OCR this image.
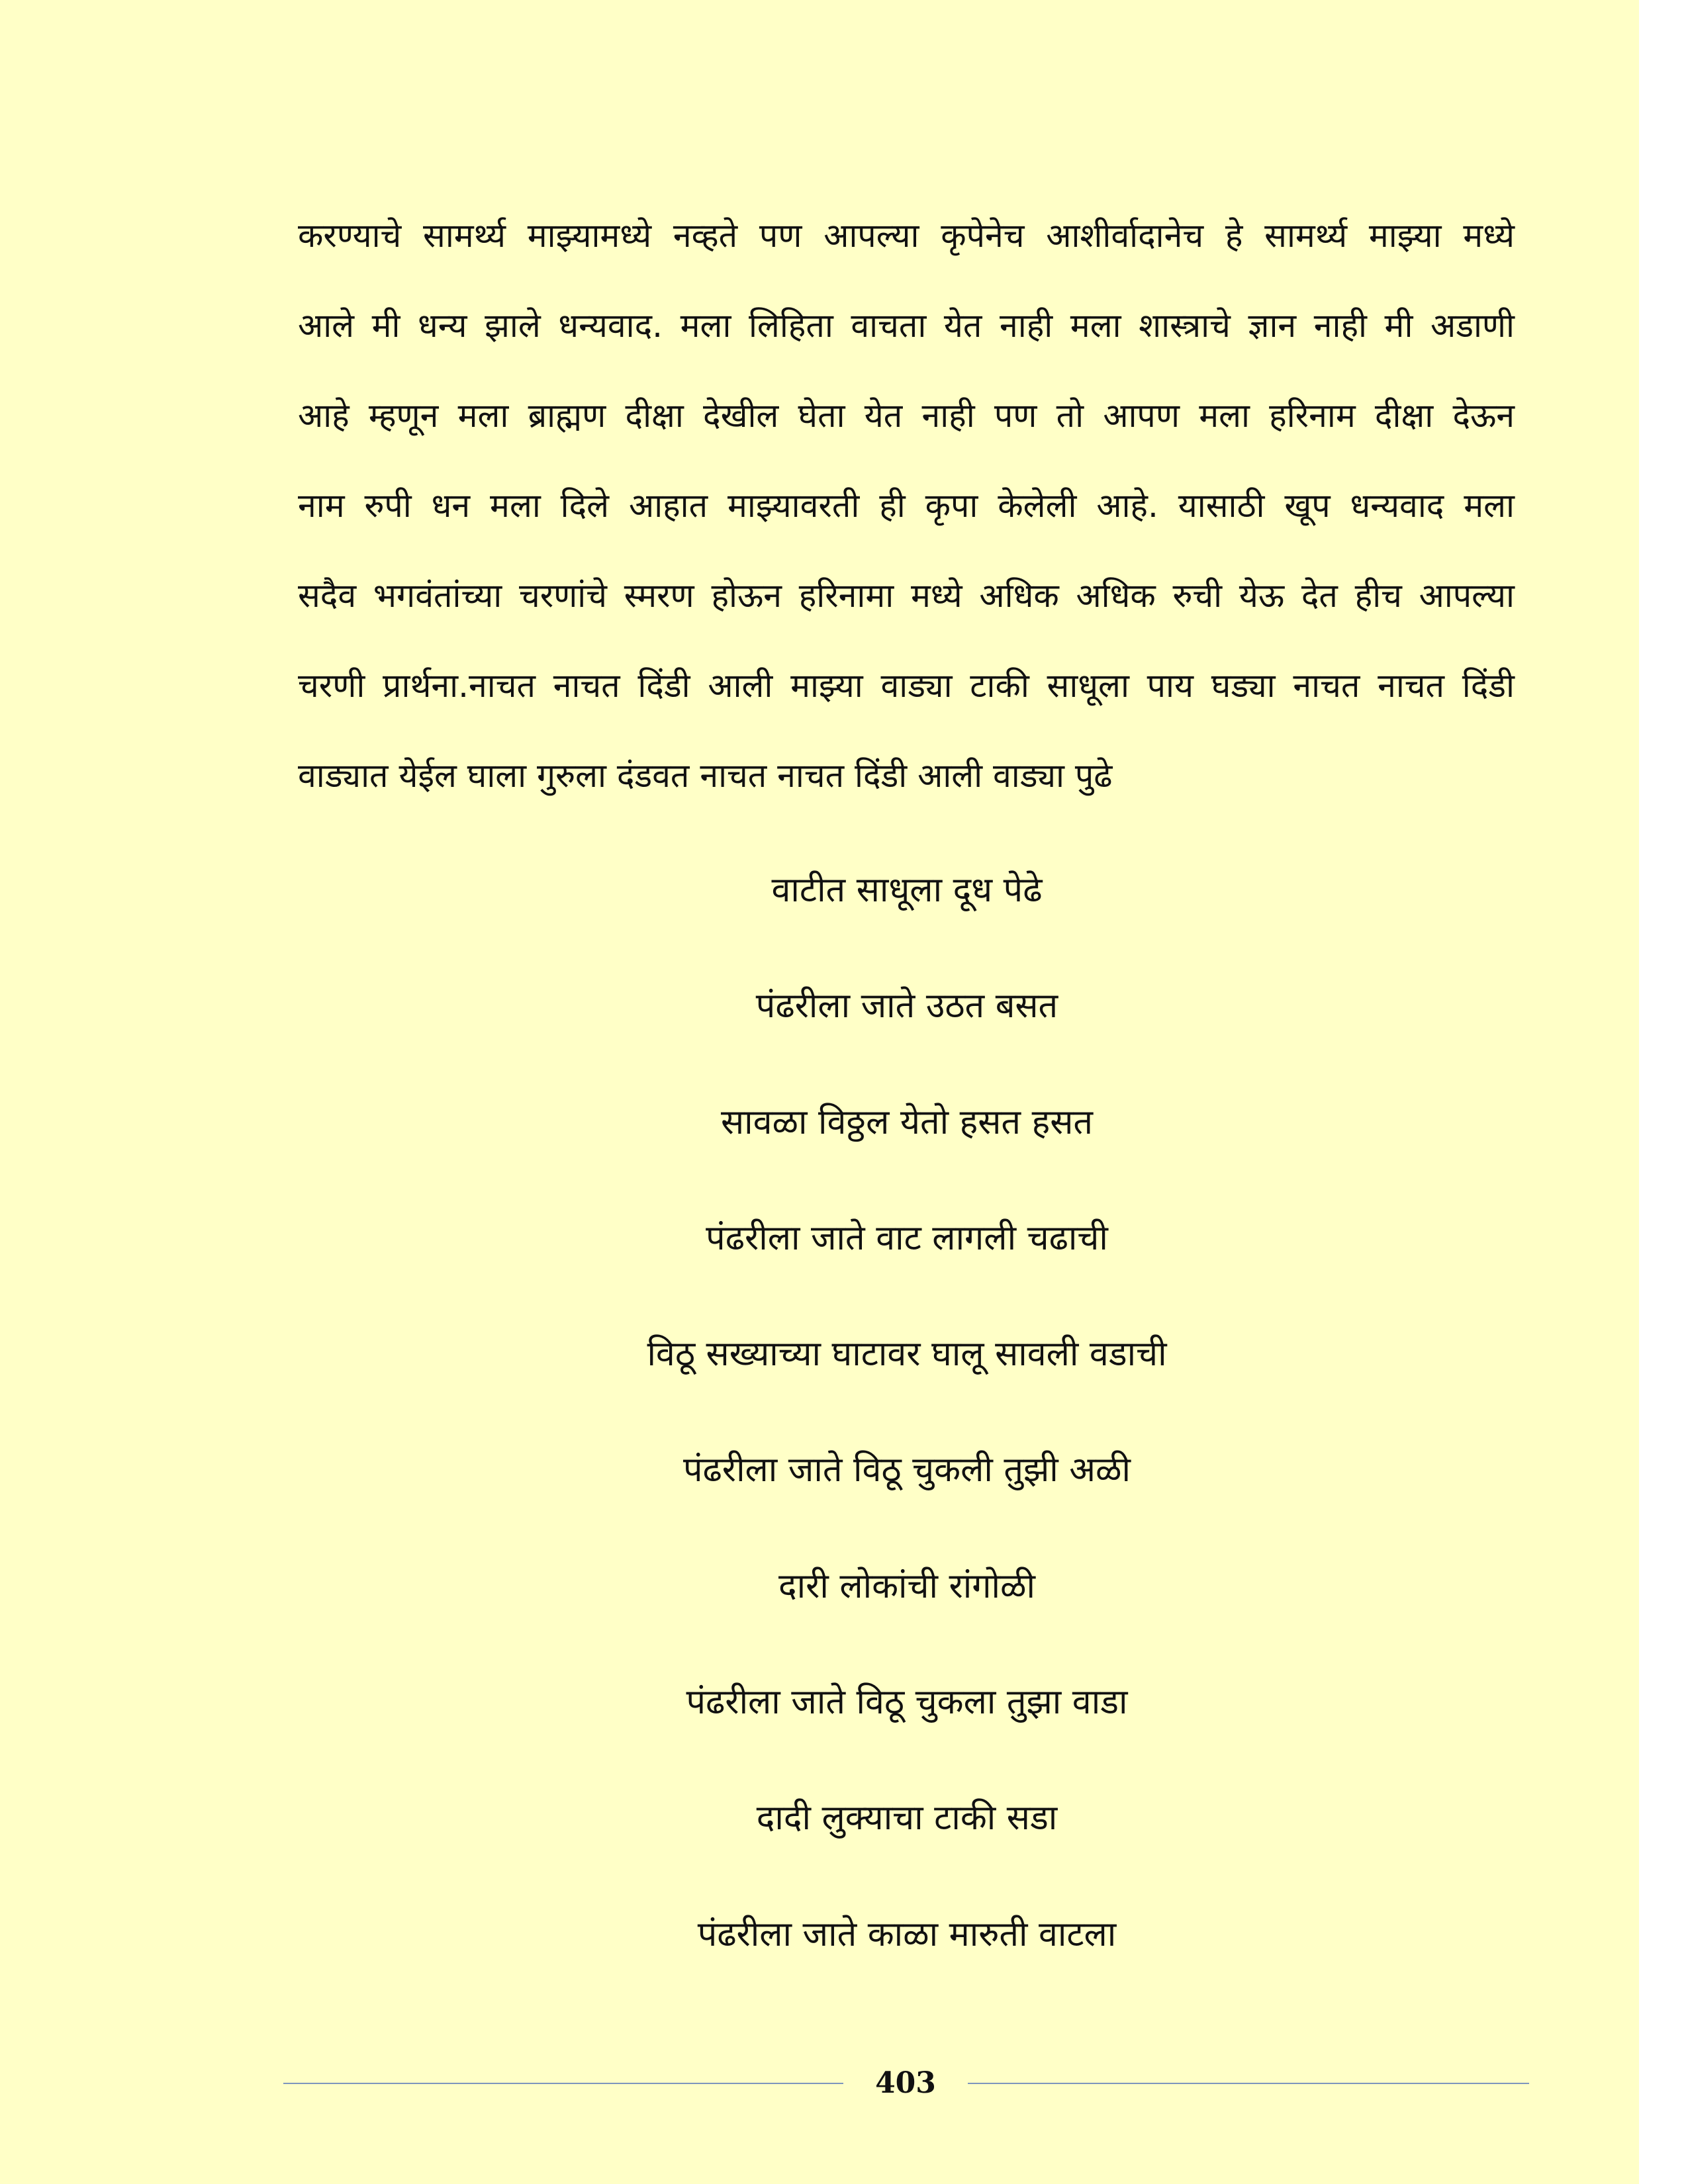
करण्याचे सामर्थ्य माझ्यामध्ये नव्हते पण आपल्या कृपेनेच आशीर्वादानेच हे सामर्थ्य माझ्या मध्ये
आले मी धन्य झाले धन्यवाद. मला लिहिता वाचता येत नाही मला शास्त्राचे ज्ञान नाही मी अडाणी
आहे म्हणून मला ब्राह्मण दीक्षा देखील घेता येत नाही पण तो आपण मला हरिनाम दीक्षा देऊन
नाम रुपी धन मला दिले आहात माझ्यावरती ही कृपा केलेली आहे. यासाठी खूप धन्यवाद मला
सदैव भगवंतांच्या चरणांचे स्मरण होऊन हरिनामा मध्ये अधिक अधिक रुची येऊ देत हीच आपल्या
चरणी प्रार्थना.नाचत नाचत दिंडी आली माझ्या वाड्या टाकी साधूला पाय घड्या नाचत नाचत दिंडी
वाड्यात येईल घाला गुरुला दंडवत नाचत नाचत दिंडी आली वाड्या पुढे
वाटीत साधूला दूध पेढे
पंढरीला जाते उठत बसत
सावळा विठ्ठल येतो हसत हसत
पंढरीला जाते वाट लागली चढाची
विठू सख्याच्या घाटावर घालू सावली वडाची
पंढरीला जाते विठू चुकली तुझी अळी
दारी लोकांची रांगोळी
पंढरीला जाते विठू चुकला तुझा वाडा
दादी लुक्याचा टाकी सडा
पंढरीला जाते काळा मारुती वाटला
403
